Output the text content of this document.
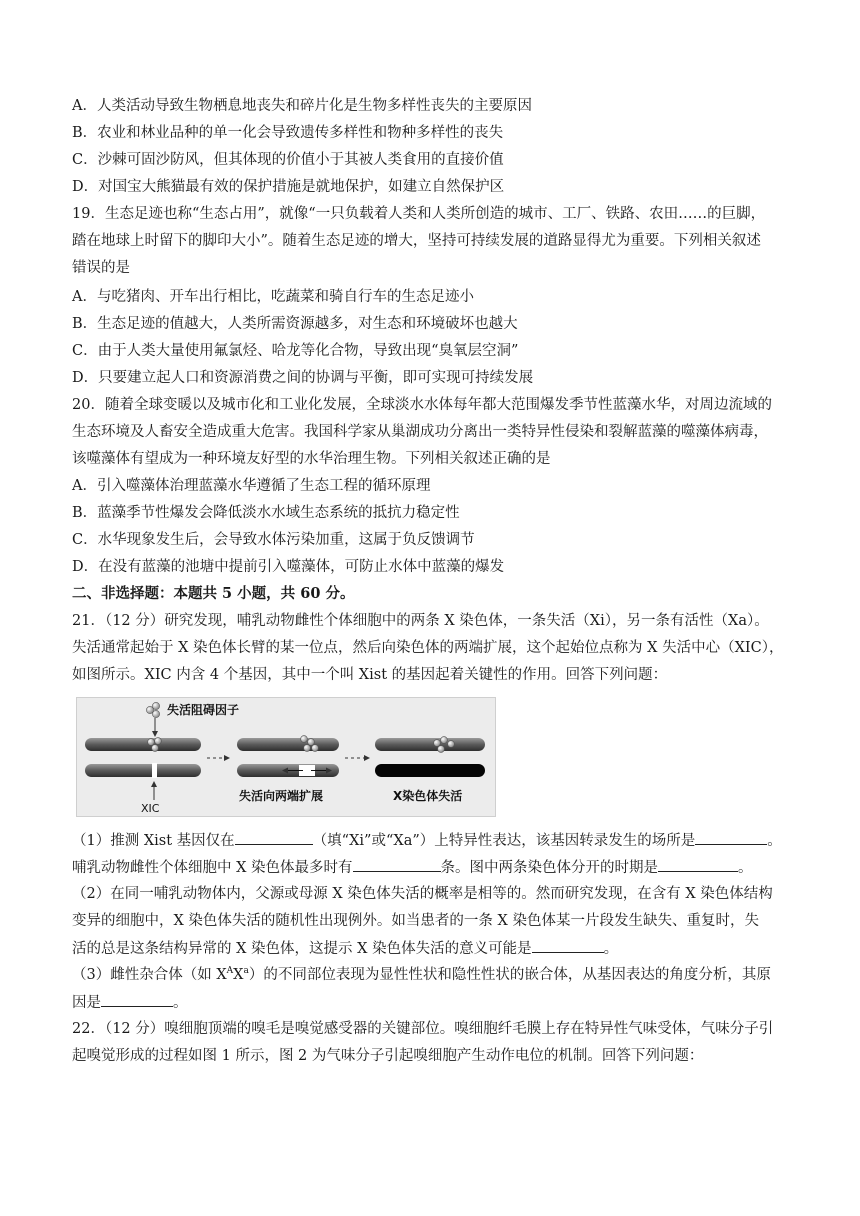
A．人类活动导致生物栖息地丧失和碎片化是生物多样性丧失的主要原因
B．农业和林业品种的单一化会导致遗传多样性和物种多样性的丧失
C．沙棘可固沙防风，但其体现的价值小于其被人类食用的直接价值
D．对国宝大熊猫最有效的保护措施是就地保护，如建立自然保护区
19．生态足迹也称“生态占用”，就像“一只负载着人类和人类所创造的城市、工厂、铁路、农田……的巨脚，
踏在地球上时留下的脚印大小”。随着生态足迹的增大，坚持可持续发展的道路显得尤为重要。下列相关叙述
错误的是
A．与吃猪肉、开车出行相比，吃蔬菜和骑自行车的生态足迹小
B．生态足迹的值越大，人类所需资源越多，对生态和环境破坏也越大
C．由于人类大量使用氟氯烃、哈龙等化合物，导致出现“臭氧层空洞”
D．只要建立起人口和资源消费之间的协调与平衡，即可实现可持续发展
20．随着全球变暖以及城市化和工业化发展，全球淡水水体每年都大范围爆发季节性蓝藻水华，对周边流域的
生态环境及人畜安全造成重大危害。我国科学家从巢湖成功分离出一类特异性侵染和裂解蓝藻的噬藻体病毒，
该噬藻体有望成为一种环境友好型的水华治理生物。下列相关叙述正确的是
A．引入噬藻体治理蓝藻水华遵循了生态工程的循环原理
B．蓝藻季节性爆发会降低淡水水域生态系统的抵抗力稳定性
C．水华现象发生后，会导致水体污染加重，这属于负反馈调节
D．在没有蓝藻的池塘中提前引入噬藻体，可防止水体中蓝藻的爆发
二、非选择题：本题共 5 小题，共 60 分。
21．（12 分）研究发现，哺乳动物雌性个体细胞中的两条 X 染色体，一条失活（Xi），另一条有活性（Xa）。
失活通常起始于 X 染色体长臂的某一位点，然后向染色体的两端扩展，这个起始位点称为 X 失活中心（XIC），
如图所示。XIC 内含 4 个基因，其中一个叫 Xist 的基因起着关键性的作用。回答下列问题：
失活阻碍因子
XIC
失活向两端扩展	X染色体失活
（1）推测 Xist 基因仅在	（填“Xi”或“Xa”）上特异性表达，该基因转录发生的场所是	。
哺乳动物雌性个体细胞中 X 染色体最多时有	条。图中两条染色体分开的时期是	。
（2）在同一哺乳动物体内，父源或母源 X 染色体失活的概率是相等的。然而研究发现，在含有 X 染色体结构
变异的细胞中，X 染色体失活的随机性出现例外。如当患者的一条 X 染色体某一片段发生缺失、重复时，失
活的总是这条结构异常的 X 染色体，这提示 X 染色体失活的意义可能是	。
（3）雌性杂合体（如 $X^AX^a$）的不同部位表现为显性性状和隐性性状的嵌合体，从基因表达的角度分析，其原
因是	。
22．（12 分）嗅细胞顶端的嗅毛是嗅觉感受器的关键部位。嗅细胞纤毛膜上存在特异性气味受体，气味分子引
起嗅觉形成的过程如图 1 所示，图 2 为气味分子引起嗅细胞产生动作电位的机制。回答下列问题：
